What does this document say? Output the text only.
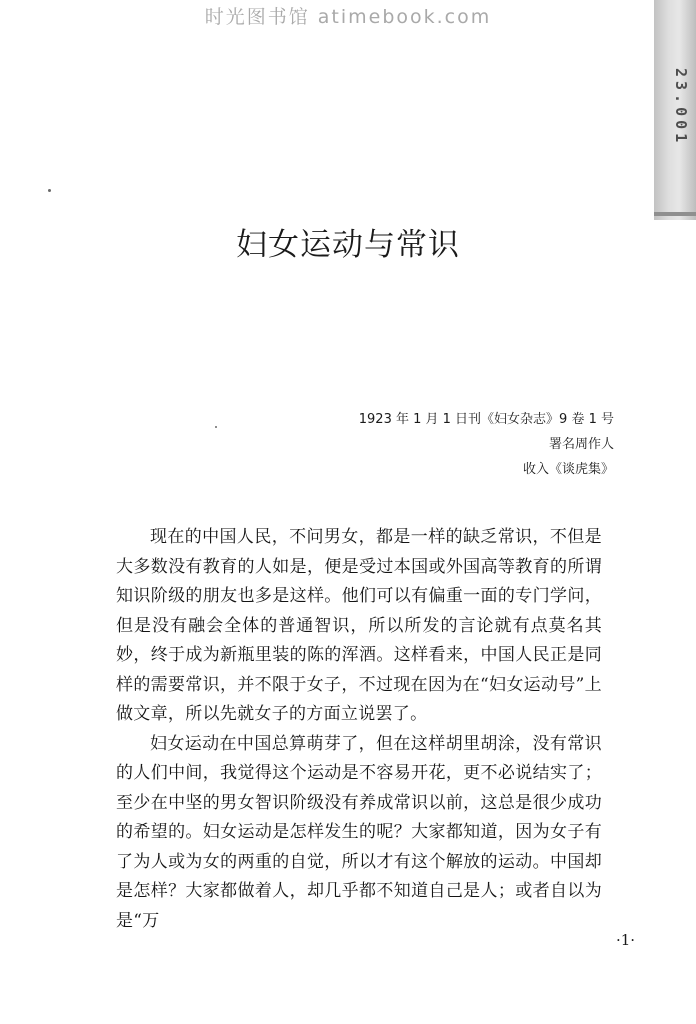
时光图书馆 atimebook.com
23.001
妇女运动与常识
1923 年 1 月 1 日刊《妇女杂志》9 卷 1 号
署名周作人
收入《谈虎集》

现在的中国人民，不问男女，都是一样的缺乏常识，不但是大多数没有教育的人如是，便是受过本国或外国高等教育的所谓知识阶级的朋友也多是这样。他们可以有偏重一面的专门学问，但是没有融会全体的普通智识，所以所发的言论就有点莫名其妙，终于成为新瓶里装的陈的浑酒。这样看来，中国人民正是同样的需要常识，并不限于女子，不过现在因为在“妇女运动号”上做文章，所以先就女子的方面立说罢了。

妇女运动在中国总算萌芽了，但在这样胡里胡涂，没有常识的人们中间，我觉得这个运动是不容易开花，更不必说结实了；至少在中坚的男女智识阶级没有养成常识以前，这总是很少成功的希望的。妇女运动是怎样发生的呢？大家都知道，因为女子有了为人或为女的两重的自觉，所以才有这个解放的运动。中国却是怎样？大家都做着人，却几乎都不知道自己是人；或者自以为是“万

·1·
